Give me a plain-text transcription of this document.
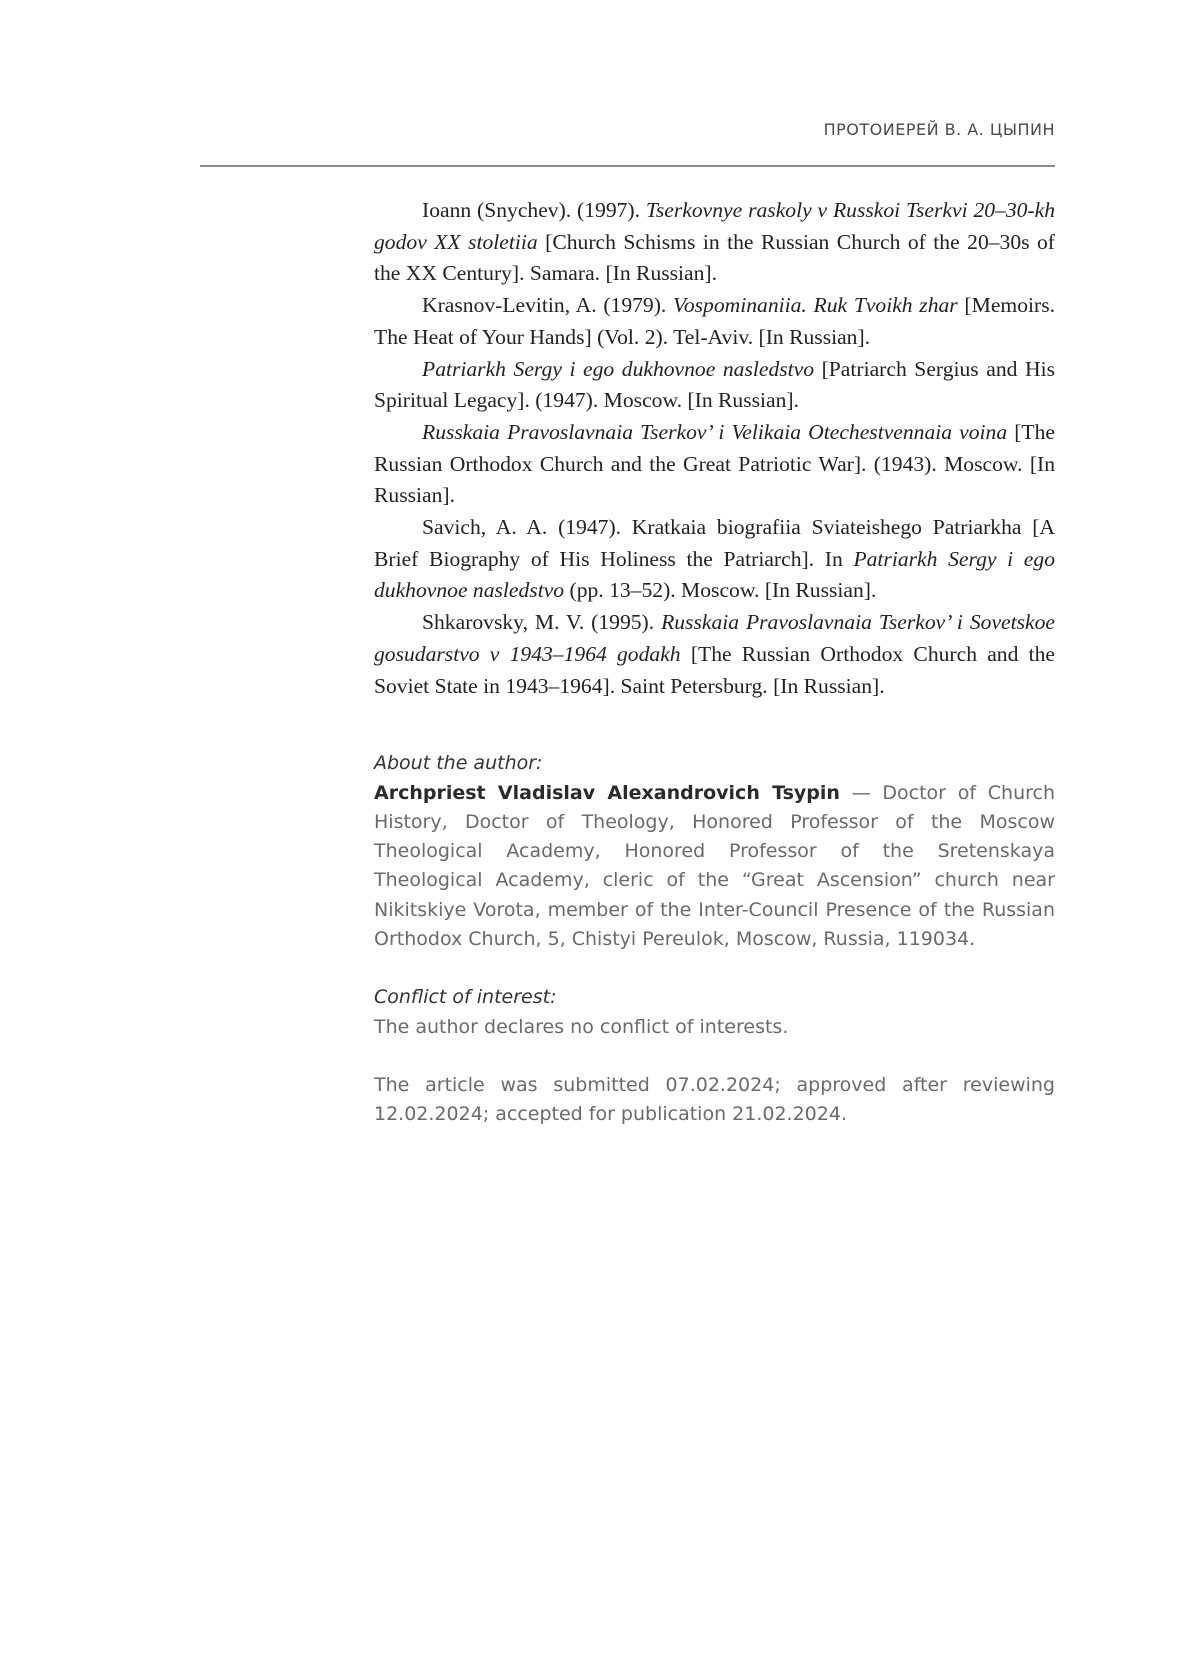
ПРОТОИЕРЕЙ В. А. ЦЫПИН

Ioann (Snychev). (1997). Tserkovnye raskoly v Russkoi Tserkvi 20–30-kh godov XX stoletiia [Church Schisms in the Russian Church of the 20–30s of the XX Century]. Samara. [In Russian].

Krasnov-Levitin, A. (1979). Vospominaniia. Ruk Tvoikh zhar [Memoirs. The Heat of Your Hands] (Vol. 2). Tel-Aviv. [In Russian].

Patriarkh Sergy i ego dukhovnoe nasledstvo [Patriarch Sergius and His Spiritual Legacy]. (1947). Moscow. [In Russian].

Russkaia Pravoslavnaia Tserkov’ i Velikaia Otechestvennaia voina [The Russian Orthodox Church and the Great Patriotic War]. (1943). Moscow. [In Russian].

Savich, A. A. (1947). Kratkaia biografiia Sviateishego Patriarkha [A Brief Biography of His Holiness the Patriarch]. In Patriarkh Sergy i ego dukhovnoe nasledstvo (pp. 13–52). Moscow. [In Russian].

Shkarovsky, M. V. (1995). Russkaia Pravoslavnaia Tserkov’ i Sovetskoe gosudarstvo v 1943–1964 godakh [The Russian Orthodox Church and the Soviet State in 1943–1964]. Saint Petersburg. [In Russian].

About the author:
Archpriest Vladislav Alexandrovich Tsypin — Doctor of Church History, Doctor of Theology, Honored Professor of the Moscow Theological Academy, Honored Professor of the Sretenskaya Theological Academy, cleric of the “Great Ascension” church near Nikitskiye Vorota, member of the Inter-Council Presence of the Russian Orthodox Church, 5, Chistyi Pereulok, Moscow, Russia, 119034.
Conflict of interest:
The author declares no conflict of interests.
The article was submitted 07.02.2024; approved after reviewing 12.02.2024; accepted for publication 21.02.2024.
